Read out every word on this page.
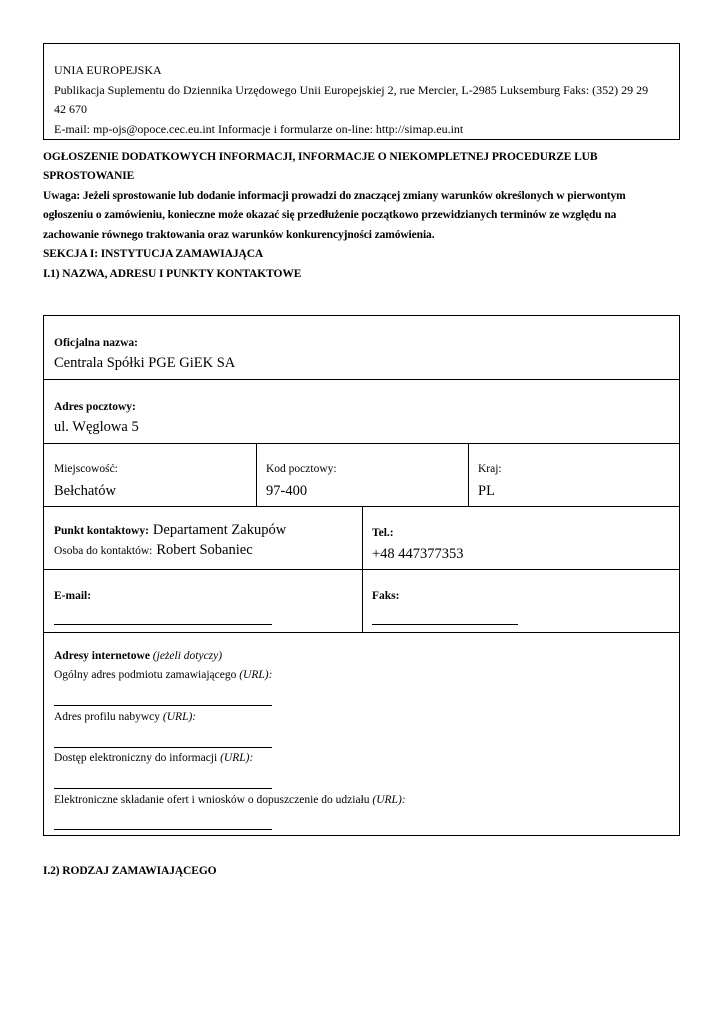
UNIA EUROPEJSKA
Publikacja Suplementu do Dziennika Urzędowego Unii Europejskiej 2, rue Mercier, L-2985 Luksemburg Faks: (352) 29 29
42 670
E-mail: mp-ojs@opoce.cec.eu.int Informacje i formularze on-line: http://simap.eu.int
OGŁOSZENIE DODATKOWYCH INFORMACJI, INFORMACJE O NIEKOMPLETNEJ PROCEDURZE LUB
SPROSTOWANIE
Uwaga: Jeżeli sprostowanie lub dodanie informacji prowadzi do znaczącej zmiany warunków określonych w pierwontym
ogłoszeniu o zamówieniu, konieczne może okazać się przedłużenie początkowo przewidzianych terminów ze względu na
zachowanie równego traktowania oraz warunków konkurencyjności zamówienia.
SEKCJA I: INSTYTUCJA ZAMAWIAJĄCA
I.1) NAZWA, ADRESU I PUNKTY KONTAKTOWE
Oficjalna nazwa:
Centrala Spółki PGE GiEK SA
Adres pocztowy:
ul. Węglowa 5
Miejscowość:
Bełchatów
Kod pocztowy:
97-400
Kraj:
PL
Punkt kontaktowy: Departament Zakupów
Osoba do kontaktów: Robert Sobaniec
Tel.:
+48 447377353
E-mail:	Faks:
Adresy internetowe (jeżeli dotyczy)
Ogólny adres podmiotu zamawiającego (URL):
Adres profilu nabywcy (URL):
Dostęp elektroniczny do informacji (URL):
Elektroniczne składanie ofert i wniosków o dopuszczenie do udziału (URL):
I.2) RODZAJ ZAMAWIAJĄCEGO
